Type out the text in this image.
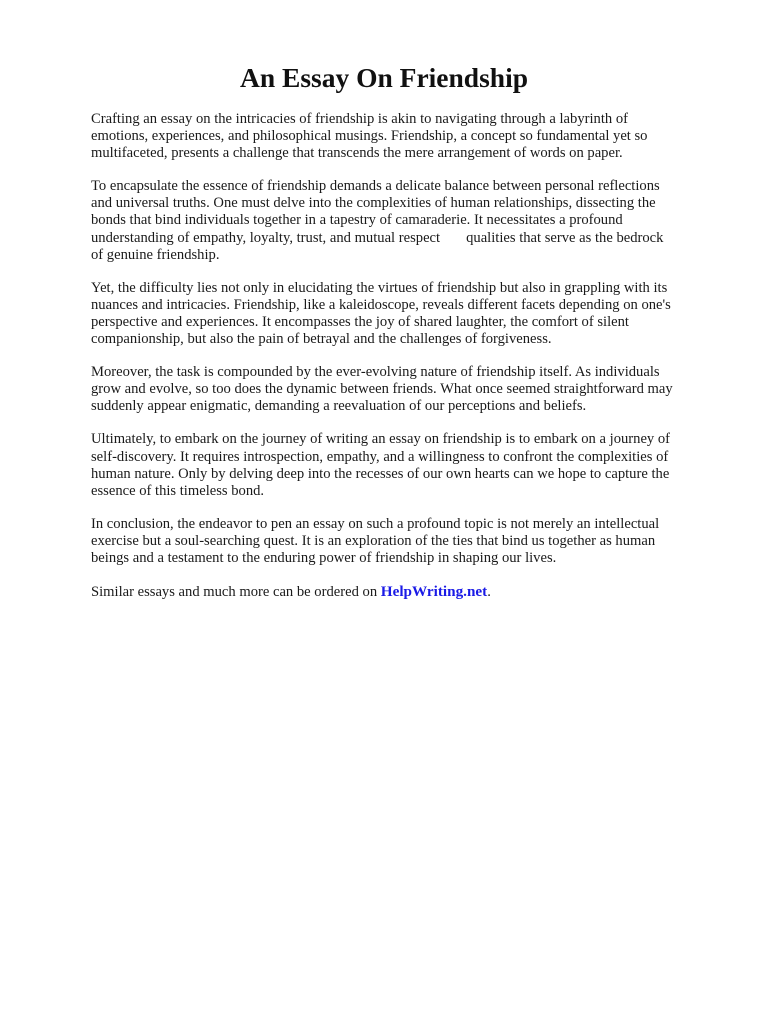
An Essay On Friendship

Crafting an essay on the intricacies of friendship is akin to navigating through a labyrinth of
emotions, experiences, and philosophical musings. Friendship, a concept so fundamental yet so
multifaceted, presents a challenge that transcends the mere arrangement of words on paper.

To encapsulate the essence of friendship demands a delicate balance between personal reflections
and universal truths. One must delve into the complexities of human relationships, dissecting the
bonds that bind individuals together in a tapestry of camaraderie. It necessitates a profound
understanding of empathy, loyalty, trust, and mutual respect qualities that serve as the bedrock
of genuine friendship.

Yet, the difficulty lies not only in elucidating the virtues of friendship but also in grappling with its
nuances and intricacies. Friendship, like a kaleidoscope, reveals different facets depending on one's
perspective and experiences. It encompasses the joy of shared laughter, the comfort of silent
companionship, but also the pain of betrayal and the challenges of forgiveness.

Moreover, the task is compounded by the ever-evolving nature of friendship itself. As individuals
grow and evolve, so too does the dynamic between friends. What once seemed straightforward may
suddenly appear enigmatic, demanding a reevaluation of our perceptions and beliefs.

Ultimately, to embark on the journey of writing an essay on friendship is to embark on a journey of
self-discovery. It requires introspection, empathy, and a willingness to confront the complexities of
human nature. Only by delving deep into the recesses of our own hearts can we hope to capture the
essence of this timeless bond.

In conclusion, the endeavor to pen an essay on such a profound topic is not merely an intellectual
exercise but a soul-searching quest. It is an exploration of the ties that bind us together as human
beings and a testament to the enduring power of friendship in shaping our lives.

Similar essays and much more can be ordered on HelpWriting.net.
